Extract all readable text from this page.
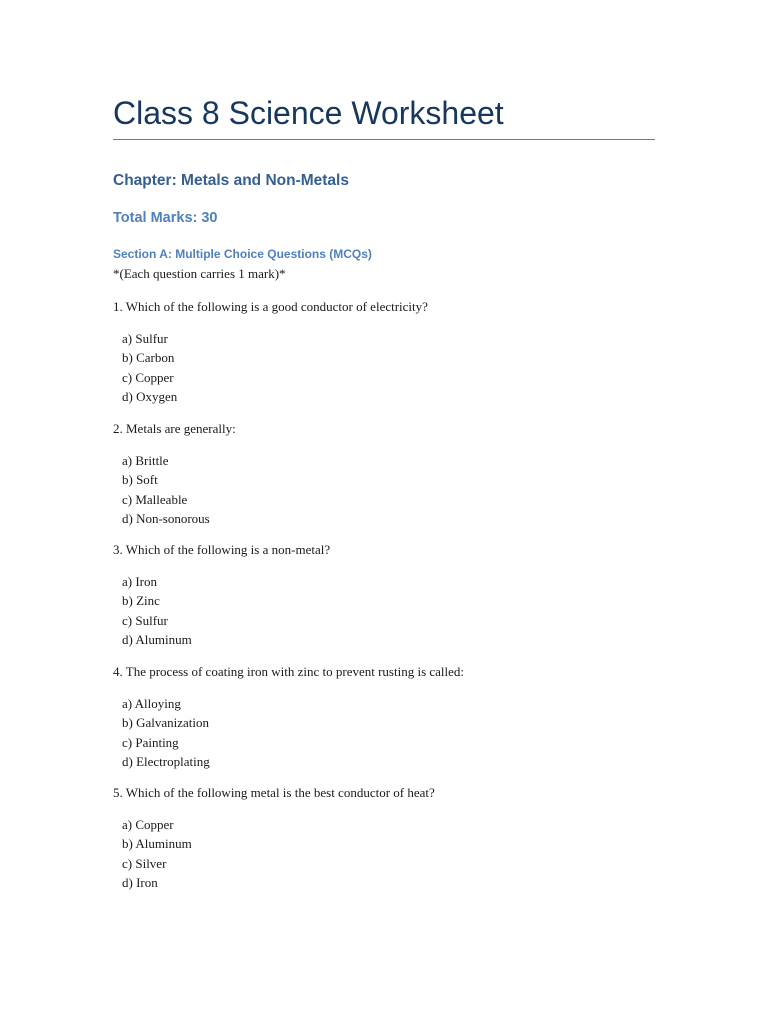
Class 8 Science Worksheet
Chapter: Metals and Non-Metals
Total Marks: 30
Section A: Multiple Choice Questions (MCQs)
*(Each question carries 1 mark)*
1. Which of the following is a good conductor of electricity?
a) Sulfur
b) Carbon
c) Copper
d) Oxygen
2. Metals are generally:
a) Brittle
b) Soft
c) Malleable
d) Non-sonorous
3. Which of the following is a non-metal?
a) Iron
b) Zinc
c) Sulfur
d) Aluminum
4. The process of coating iron with zinc to prevent rusting is called:
a) Alloying
b) Galvanization
c) Painting
d) Electroplating
5. Which of the following metal is the best conductor of heat?
a) Copper
b) Aluminum
c) Silver
d) Iron
